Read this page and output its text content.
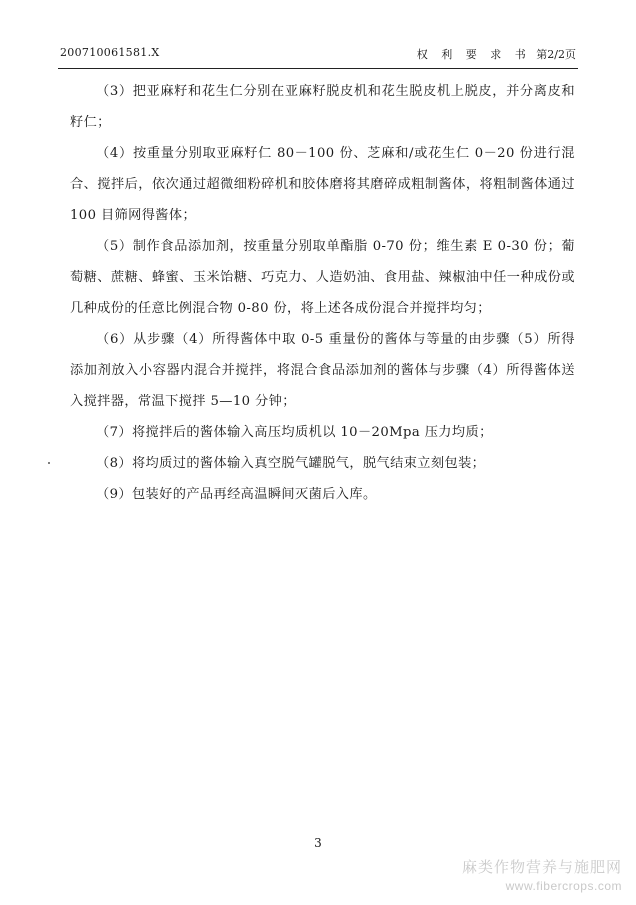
200710061581.X	权 利 要 求 书 第2/2页

（3）把亚麻籽和花生仁分别在亚麻籽脱皮机和花生脱皮机上脱皮，并分离皮和籽仁；

（4）按重量分别取亚麻籽仁 80－100 份、芝麻和/或花生仁 0－20 份进行混合、搅拌后，依次通过超微细粉碎机和胶体磨将其磨碎成粗制酱体，将粗制酱体通过 100 目筛网得酱体；

（5）制作食品添加剂，按重量分别取单酯脂 0-70 份；维生素 E 0-30 份；葡萄糖、蔗糖、蜂蜜、玉米饴糖、巧克力、人造奶油、食用盐、辣椒油中任一种成份或几种成份的任意比例混合物 0-80 份，将上述各成份混合并搅拌均匀；

（6）从步骤（4）所得酱体中取 0-5 重量份的酱体与等量的由步骤（5）所得添加剂放入小容器内混合并搅拌，将混合食品添加剂的酱体与步骤（4）所得酱体送入搅拌器，常温下搅拌 5—10 分钟；

（7）将搅拌后的酱体输入高压均质机以 10－20Mpa 压力均质；

（8）将均质过的酱体输入真空脱气罐脱气，脱气结束立刻包装；

（9）包装好的产品再经高温瞬间灭菌后入库。

3
麻类作物营养与施肥网
www.fibercrops.com
